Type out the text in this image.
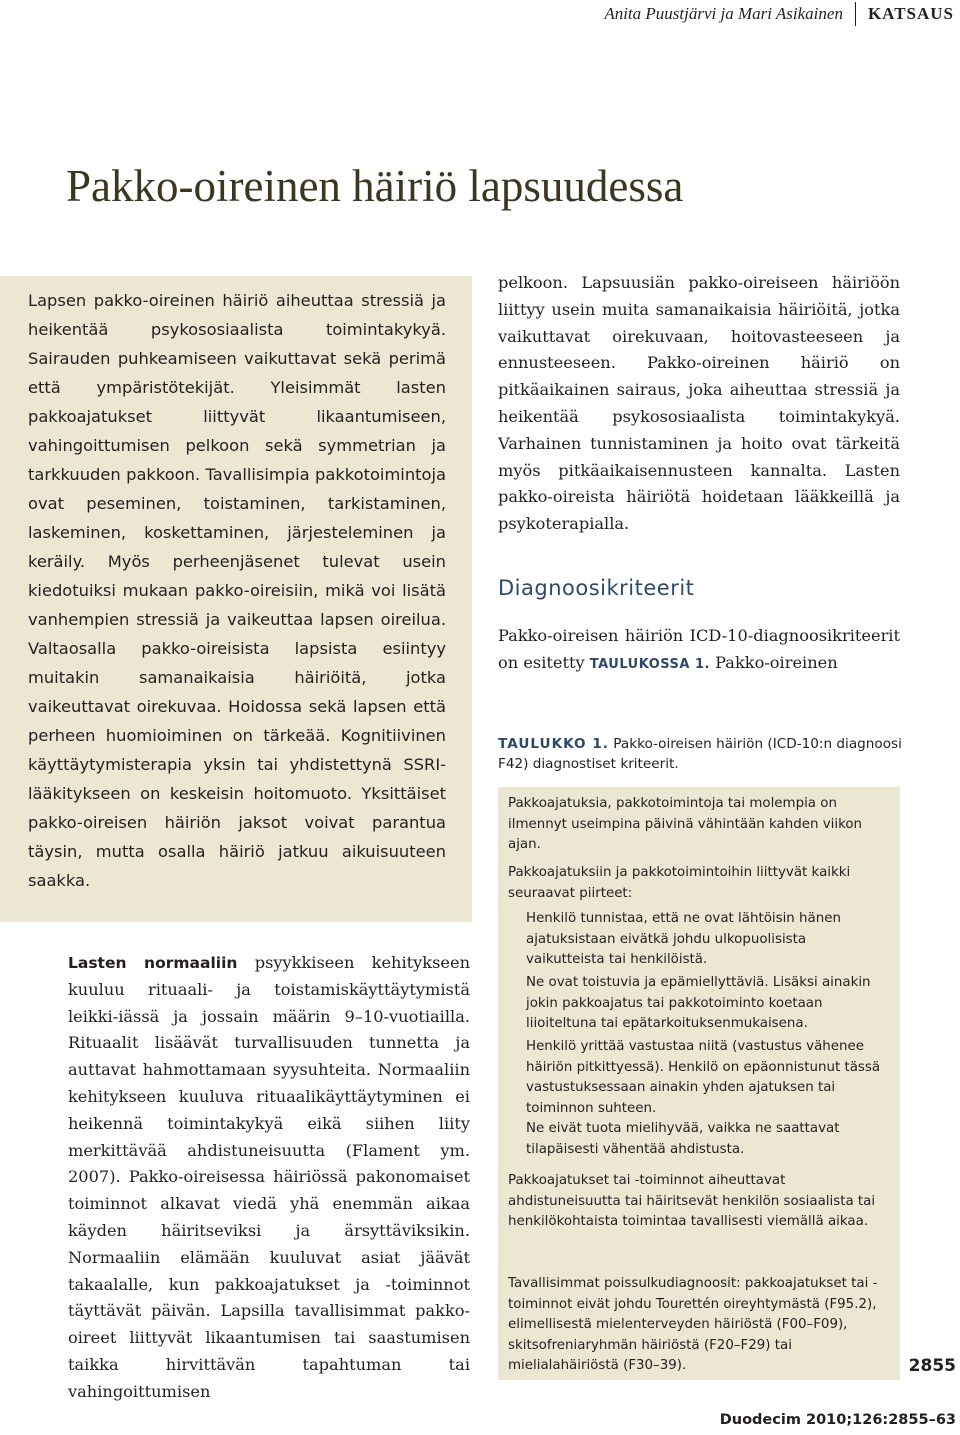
Anita Puustjärvi ja Mari Asikainen	KATSAUS
Pakko-oireinen häiriö lapsuudessa

Lapsen pakko-oireinen häiriö aiheuttaa stressiä ja heikentää psykososiaalista toimintakykyä. Sairauden puhkeamiseen vaikuttavat sekä perimä että ympäristötekijät. Yleisimmät lasten pakkoajatukset liittyvät likaantumiseen, vahingoittumisen pelkoon sekä symmetrian ja tarkkuuden pakkoon. Tavallisimpia pakkotoimintoja ovat peseminen, toistaminen, tarkistaminen, laskeminen, koskettaminen, järjesteleminen ja keräily. Myös perheenjäsenet tulevat usein kiedotuiksi mukaan pakko-oireisiin, mikä voi lisätä vanhempien stressiä ja vaikeuttaa lapsen oireilua. Valtaosalla pakko-oireisista lapsista esiintyy muitakin samanaikaisia häiriöitä, jotka vaikeuttavat oirekuvaa. Hoidossa sekä lapsen että perheen huomioiminen on tärkeää. Kognitiivinen käyttäytymisterapia yksin tai yhdistettynä SSRI-lääkitykseen on keskeisin hoitomuoto. Yksittäiset pakko-oireisen häiriön jaksot voivat parantua täysin, mutta osalla häiriö jatkuu aikuisuuteen saakka.

Lasten normaaliin psyykkiseen kehitykseen kuuluu rituaali- ja toistamiskäyttäytymistä leikki-iässä ja jossain määrin 9–10-vuotiailla. Rituaalit lisäävät turvallisuuden tunnetta ja auttavat hahmottamaan syysuhteita. Normaaliin kehitykseen kuuluva rituaalikäyttäytyminen ei heikennä toimintakykyä eikä siihen liity merkittävää ahdistuneisuutta (Flament ym. 2007). Pakko-oireisessa häiriössä pakonomaiset toiminnot alkavat viedä yhä enemmän aikaa käyden häiritseviksi ja ärsyttäviksikin. Normaaliin elämään kuuluvat asiat jäävät takaalalle, kun pakkoajatukset ja -toiminnot täyttävät päivän. Lapsilla tavallisimmat pakko-oireet liittyvät likaantumisen tai saastumisen taikka hirvittävän tapahtuman tai vahingoittumisen

pelkoon. Lapsuusiän pakko-oireiseen häiriöön liittyy usein muita samanaikaisia häiriöitä, jotka vaikuttavat oirekuvaan, hoitovasteeseen ja ennusteeseen. Pakko-oireinen häiriö on pitkäaikainen sairaus, joka aiheuttaa stressiä ja heikentää psykososiaalista toimintakykyä. Varhainen tunnistaminen ja hoito ovat tärkeitä myös pitkäaikaisennusteen kannalta. Lasten pakko-oireista häiriötä hoidetaan lääkkeillä ja psykoterapialla.

Diagnoosikriteerit

Pakko-oireisen häiriön ICD-10-diagnoosikriteerit on esitetty TAULUKOSSA 1. Pakko-oireinen

TAULUKKO 1. Pakko-oireisen häiriön (ICD-10:n diagnoosi F42) diagnostiset kriteerit.

Pakkoajatuksia, pakkotoimintoja tai molempia on ilmennyt useimpina päivinä vähintään kahden viikon ajan.

Pakkoajatuksiin ja pakkotoimintoihin liittyvät kaikki seuraavat piirteet:

Henkilö tunnistaa, että ne ovat lähtöisin hänen ajatuksistaan eivätkä johdu ulkopuolisista vaikutteista tai henkilöistä.

Ne ovat toistuvia ja epämiellyttäviä. Lisäksi ainakin jokin pakkoajatus tai pakkotoiminto koetaan liioiteltuna tai epätarkoituksenmukaisena.

Henkilö yrittää vastustaa niitä (vastustus vähenee häiriön pitkittyessä). Henkilö on epäonnistunut tässä vastustuksessaan ainakin yhden ajatuksen tai toiminnon suhteen.

Ne eivät tuota mielihyvää, vaikka ne saattavat tilapäisesti vähentää ahdistusta.

Pakkoajatukset tai -toiminnot aiheuttavat ahdistuneisuutta tai häiritsevät henkilön sosiaalista tai henkilökohtaista toimintaa tavallisesti viemällä aikaa.

Tavallisimmat poissulkudiagnoosit: pakkoajatukset tai -toiminnot eivät johdu Tourettén oireyhtymästä (F95.2), elimellisestä mielenterveyden häiriöstä (F00–F09), skitsofreniaryhmän häiriöstä (F20–F29) tai mielialahäiriöstä (F30–39).	2855

Duodecim 2010;126:2855–63
